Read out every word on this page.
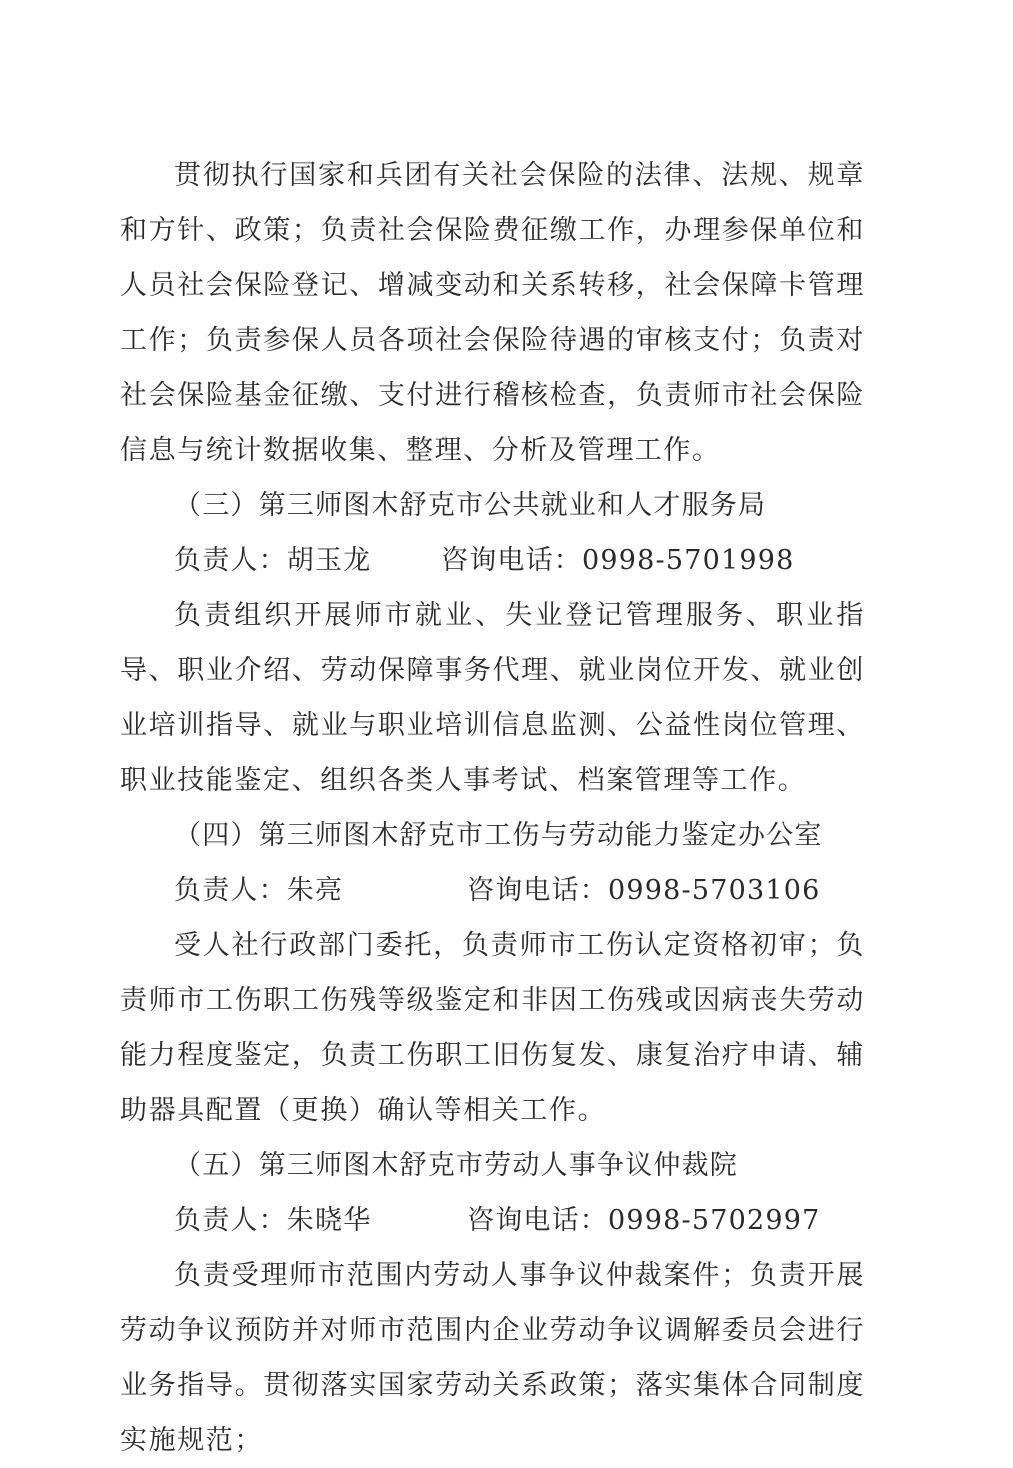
贯彻执行国家和兵团有关社会保险的法律、法规、规章和方针、政策；负责社会保险费征缴工作，办理参保单位和人员社会保险登记、增减变动和关系转移，社会保障卡管理工作；负责参保人员各项社会保险待遇的审核支付；负责对社会保险基金征缴、支付进行稽核检查，负责师市社会保险信息与统计数据收集、整理、分析及管理工作。

（三）第三师图木舒克市公共就业和人才服务局

负责人：胡玉龙	咨询电话：0998-5701998

负责组织开展师市就业、失业登记管理服务、职业指导、职业介绍、劳动保障事务代理、就业岗位开发、就业创业培训指导、就业与职业培训信息监测、公益性岗位管理、职业技能鉴定、组织各类人事考试、档案管理等工作。

（四）第三师图木舒克市工伤与劳动能力鉴定办公室

负责人：朱亮	咨询电话：0998-5703106

受人社行政部门委托，负责师市工伤认定资格初审；负责师市工伤职工伤残等级鉴定和非因工伤残或因病丧失劳动能力程度鉴定，负责工伤职工旧伤复发、康复治疗申请、辅助器具配置（更换）确认等相关工作。

（五）第三师图木舒克市劳动人事争议仲裁院

负责人：朱晓华	咨询电话：0998-5702997

负责受理师市范围内劳动人事争议仲裁案件；负责开展劳动争议预防并对师市范围内企业劳动争议调解委员会进行业务指导。贯彻落实国家劳动关系政策；落实集体合同制度实施规范；
